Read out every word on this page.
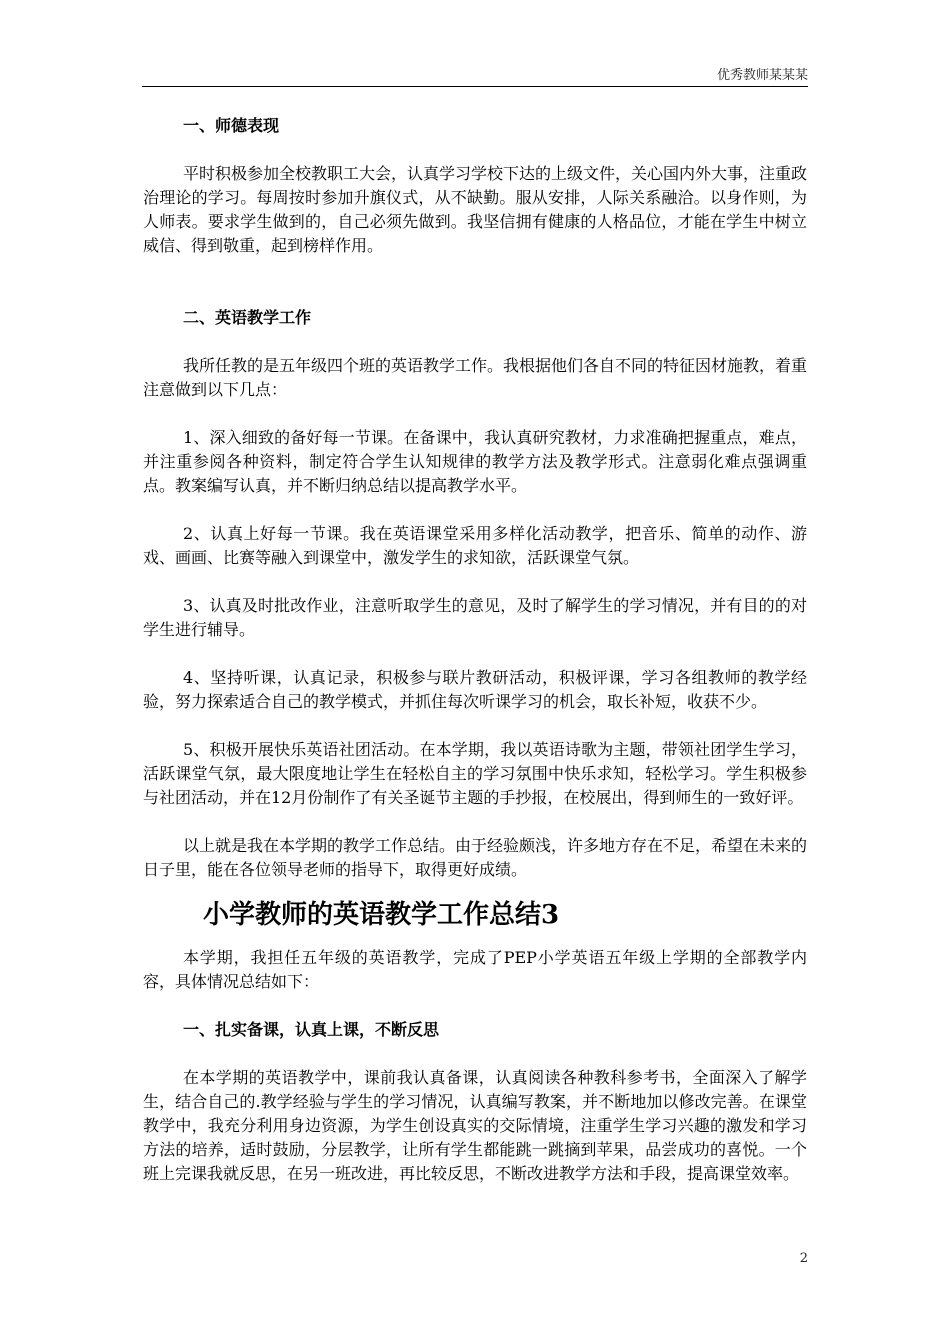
优秀教师某某某

一、师德表现

平时积极参加全校教职工大会，认真学习学校下达的上级文件，关心国内外大事，注重政治理论的学习。每周按时参加升旗仪式，从不缺勤。服从安排，人际关系融洽。以身作则，为人师表。要求学生做到的，自己必须先做到。我坚信拥有健康的人格品位，才能在学生中树立威信、得到敬重，起到榜样作用。

二、英语教学工作

我所任教的是五年级四个班的英语教学工作。我根据他们各自不同的特征因材施教，着重注意做到以下几点：

1、深入细致的备好每一节课。在备课中，我认真研究教材，力求准确把握重点，难点，并注重参阅各种资料，制定符合学生认知规律的教学方法及教学形式。注意弱化难点强调重点。教案编写认真，并不断归纳总结以提高教学水平。

2、认真上好每一节课。我在英语课堂采用多样化活动教学，把音乐、简单的动作、游戏、画画、比赛等融入到课堂中，激发学生的求知欲，活跃课堂气氛。

3、认真及时批改作业，注意听取学生的意见，及时了解学生的学习情况，并有目的的对学生进行辅导。

4、坚持听课，认真记录，积极参与联片教研活动，积极评课，学习各组教师的教学经验，努力探索适合自己的教学模式，并抓住每次听课学习的机会，取长补短，收获不少。

5、积极开展快乐英语社团活动。在本学期，我以英语诗歌为主题，带领社团学生学习，活跃课堂气氛，最大限度地让学生在轻松自主的学习氛围中快乐求知，轻松学习。学生积极参与社团活动，并在12月份制作了有关圣诞节主题的手抄报，在校展出，得到师生的一致好评。

以上就是我在本学期的教学工作总结。由于经验颇浅，许多地方存在不足，希望在未来的日子里，能在各位领导老师的指导下，取得更好成绩。

小学教师的英语教学工作总结3

本学期，我担任五年级的英语教学，完成了PEP小学英语五年级上学期的全部教学内容，具体情况总结如下：

一、扎实备课，认真上课，不断反思

在本学期的英语教学中，课前我认真备课，认真阅读各种教科参考书，全面深入了解学生，结合自己的.教学经验与学生的学习情况，认真编写教案，并不断地加以修改完善。在课堂教学中，我充分利用身边资源，为学生创设真实的交际情境，注重学生学习兴趣的激发和学习方法的培养，适时鼓励，分层教学，让所有学生都能跳一跳摘到苹果，品尝成功的喜悦。一个班上完课我就反思，在另一班改进，再比较反思，不断改进教学方法和手段，提高课堂效率。

2
